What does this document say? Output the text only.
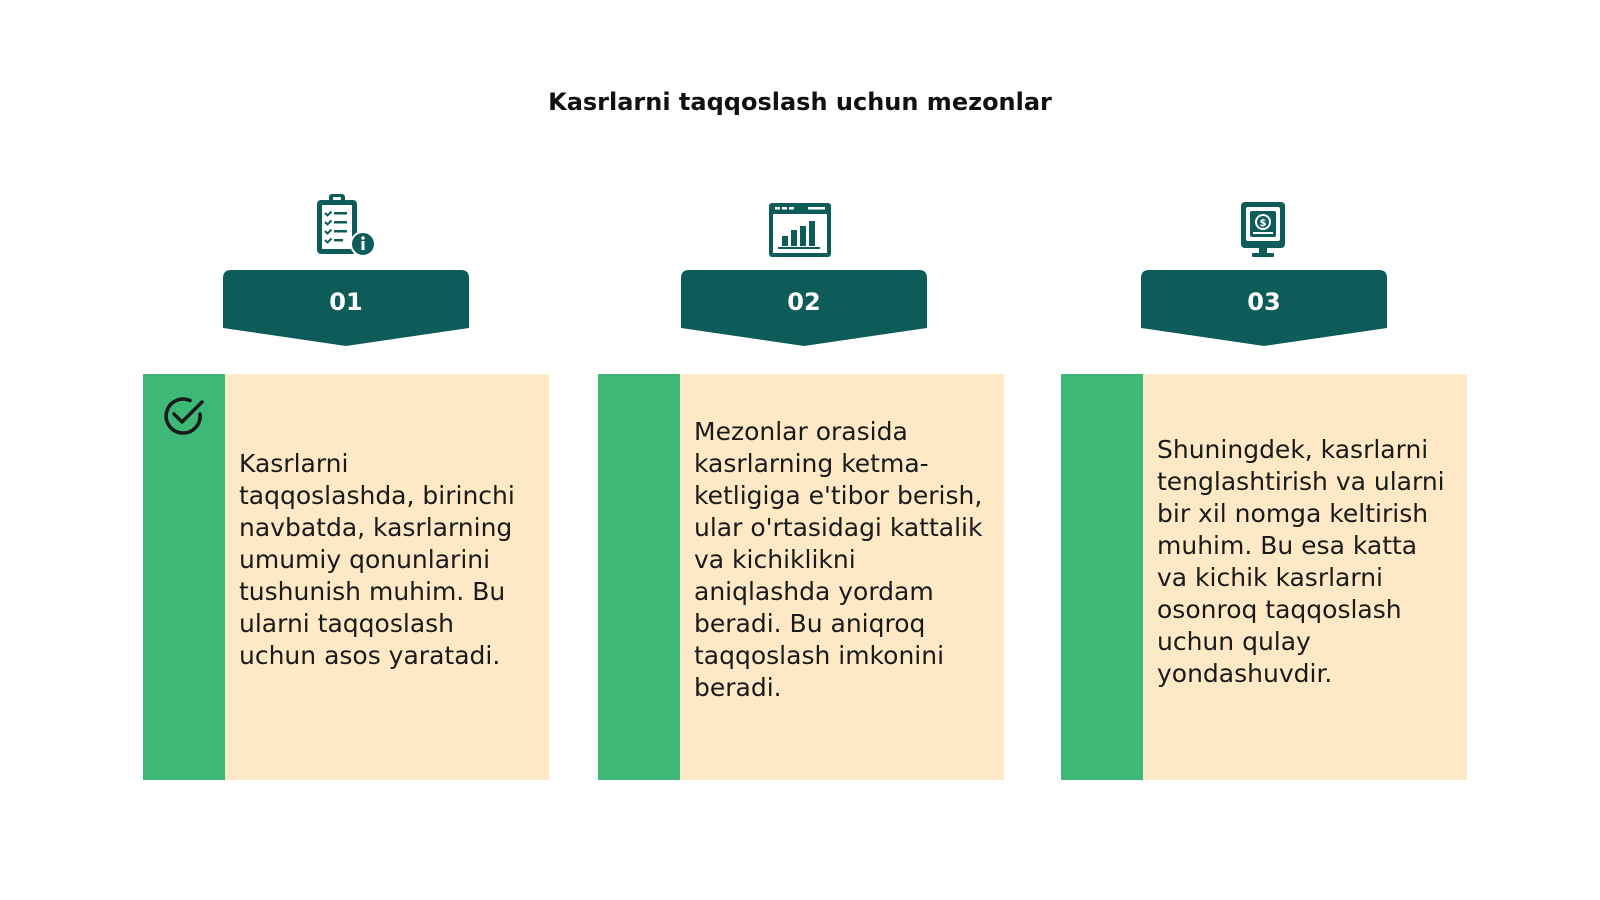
Kasrlarni taqqoslash uchun mezonlar
01
Kasrlarni taqqoslashda, birinchi navbatda, kasrlarning umumiy qonunlarini tushunish muhim. Bu ularni taqqoslash uchun asos yaratadi.
02
Mezonlar orasida kasrlarning ketma-ketligiga e'tibor berish, ular o'rtasidagi kattalik va kichiklikni aniqlashda yordam beradi. Bu aniqroq taqqoslash imkonini beradi.
$
03
Shuningdek, kasrlarni tenglashtirish va ularni bir xil nomga keltirish muhim. Bu esa katta va kichik kasrlarni osonroq taqqoslash uchun qulay yondashuvdir.
